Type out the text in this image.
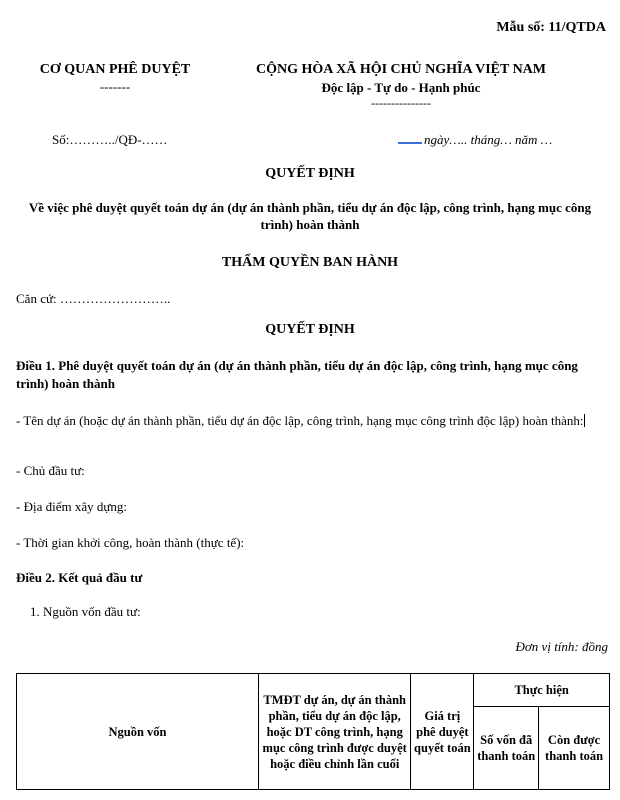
Mẫu số: 11/QTDA
CƠ QUAN PHÊ DUYỆT
-------
CỘNG HÒA XÃ HỘI CHỦ NGHĨA VIỆT NAM
Độc lập - Tự do - Hạnh phúc
---------------
Số:………../QĐ-……	ngày….. tháng… năm …
QUYẾT ĐỊNH
Về việc phê duyệt quyết toán dự án (dự án thành phần, tiểu dự án độc lập, công trình, hạng mục công trình) hoàn thành
THẨM QUYỀN BAN HÀNH
Căn cứ: ……………………..
QUYẾT ĐỊNH
Điều 1. Phê duyệt quyết toán dự án (dự án thành phần, tiểu dự án độc lập, công trình, hạng mục công trình) hoàn thành
- Tên dự án (hoặc dự án thành phần, tiểu dự án độc lập, công trình, hạng mục công trình độc lập) hoàn thành:
- Chủ đầu tư:
- Địa điểm xây dựng:
- Thời gian khởi công, hoàn thành (thực tế):
Điều 2. Kết quả đầu tư
1. Nguồn vốn đầu tư:
Đơn vị tính: đồng
Nguồn vốn	TMĐT dự án, dự án thành phần, tiểu dự án độc lập, hoặc DT công trình, hạng mục công trình được duyệt hoặc điều chỉnh lần cuối	Giá trị phê duyệt quyết toán	Thực hiện	
			Số vốn đã thanh toán	Còn được thanh toán
